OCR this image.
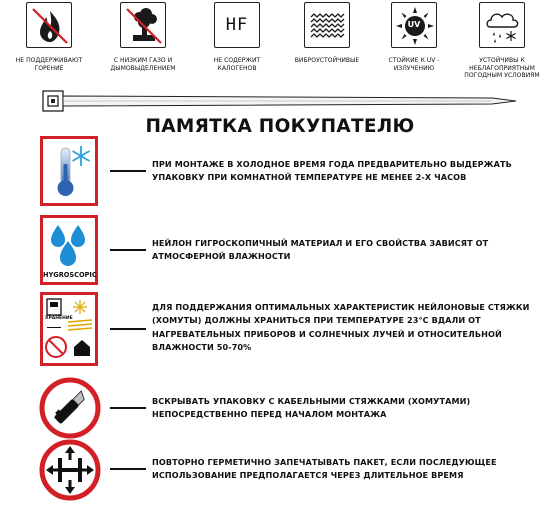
НЕ ПОДДЕРЖИВАЮТ ГОРЕНИЕ
С НИЗКИМ ГАЗО И ДЫМОВЫДЕЛЕНИЕМ
HF
НЕ СОДЕРЖИТ КАЛОГЕНОВ
ВИБРОУСТОЙЧИВЫЕ
UV
СТОЙКИЕ К UV - ИЗЛУЧЕНИЮ
УСТОЙЧИВЫ К НЕБЛАГОПРИЯТНЫМ ПОГОДНЫМ УСЛОВИЯМ
ПАМЯТКА ПОКУПАТЕЛЮ
ПРИ МОНТАЖЕ В ХОЛОДНОЕ ВРЕМЯ ГОДА ПРЕДВАРИТЕЛЬНО ВЫДЕРЖАТЬ УПАКОВКУ ПРИ КОМНАТНОЙ ТЕМПЕРАТУРЕ НЕ МЕНЕЕ 2-Х ЧАСОВ
HYGROSCOPIC
НЕЙЛОН ГИГРОСКОПИЧНЫЙ МАТЕРИАЛ И ЕГО СВОЙСТВА ЗАВИСЯТ ОТ АТМОСФЕРНОЙ ВЛАЖНОСТИ
ХРАНЕНИЕ
ДЛЯ ПОДДЕРЖАНИЯ ОПТИМАЛЬНЫХ ХАРАКТЕРИСТИК НЕЙЛОНОВЫЕ СТЯЖКИ (ХОМУТЫ) ДОЛЖНЫ ХРАНИТЬСЯ ПРИ ТЕМПЕРАТУРЕ 23°С ВДАЛИ ОТ НАГРЕВАТЕЛЬНЫХ ПРИБОРОВ И СОЛНЕЧНЫХ ЛУЧЕЙ И ОТНОСИТЕЛЬНОЙ ВЛАЖНОСТИ 50-70%
ВСКРЫВАТЬ УПАКОВКУ С КАБЕЛЬНЫМИ СТЯЖКАМИ (ХОМУТАМИ) НЕПОСРЕДСТВЕННО ПЕРЕД НАЧАЛОМ МОНТАЖА
ПОВТОРНО ГЕРМЕТИЧНО ЗАПЕЧАТЫВАТЬ ПАКЕТ, ЕСЛИ ПОСЛЕДУЮЩЕЕ ИСПОЛЬЗОВАНИЕ ПРЕДПОЛАГАЕТСЯ ЧЕРЕЗ ДЛИТЕЛЬНОЕ ВРЕМЯ
